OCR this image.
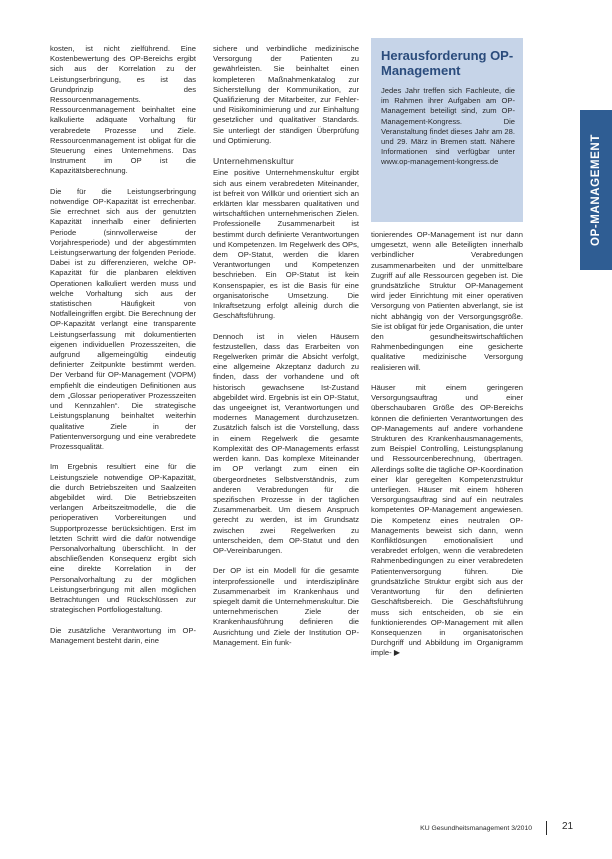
kosten, ist nicht zielführend. Eine Kostenbewertung des OP-Bereichs ergibt sich aus der Korrelation zu der Leistungserbringung, es ist das Grundprinzip des Ressourcenmanagements. Ressourcenmanagement beinhaltet eine kalkulierte adäquate Vorhaltung für verabredete Prozesse und Ziele. Ressourcenmanagement ist obligat für die Steuerung eines Unternehmens. Das Instrument im OP ist die Kapazitätsberechnung.

Die für die Leistungserbringung notwendige OP-Kapazität ist errechenbar. Sie errechnet sich aus der genutzten Kapazität innerhalb einer definierten Periode (sinnvollerweise der Vorjahresperiode) und der abgestimmten Leistungserwartung der folgenden Periode. Dabei ist zu differenzieren, welche OP-Kapazität für die planbaren elektiven Operationen kalkuliert werden muss und welche Vorhaltung sich aus der statistischen Häufigkeit von Notfalleingriffen ergibt. Die Berechnung der OP-Kapazität verlangt eine transparente Leistungserfassung mit dokumentierten eigenen individuellen Prozesszeiten, die aufgrund allgemeingültig eindeutig definierter Zeitpunkte bestimmt werden. Der Verband für OP-Management (VOPM) empfiehlt die eindeutigen Definitionen aus dem „Glossar perioperativer Prozesszeiten und Kennzahlen“. Die strategische Leistungsplanung beinhaltet weiterhin qualitative Ziele in der Patientenversorgung und eine verabredete Prozessqualität.

Im Ergebnis resultiert eine für die Leistungsziele notwendige OP-Kapazität, die durch Betriebszeiten und Saalzeiten abgebildet wird. Die Betriebszeiten verlangen Arbeitszeitmodelle, die die perioperativen Vorbereitungen und Supportprozesse berücksichtigen. Erst im letzten Schritt wird die dafür notwendige Personalvorhaltung überschlicht. In der abschließenden Konsequenz ergibt sich eine direkte Korrelation in der Personalvorhaltung zu der möglichen Leistungserbringung mit allen möglichen Betrachtungen und Rückschlüssen zur strategischen Portfoliogestaltung.

Die zusätzliche Verantwortung im OP-Management besteht darin, eine

sichere und verbindliche medizinische Versorgung der Patienten zu gewährleisten. Sie beinhaltet einen kompleteren Maßnahmenkatalog zur Sicherstellung der Kommunikation, zur Qualifizierung der Mitarbeiter, zur Fehler- und Risikominimierung und zur Einhaltung gesetzlicher und qualitativer Standards. Sie unterliegt der ständigen Überprüfung und Optimierung.

Unternehmenskultur

Eine positive Unternehmenskultur ergibt sich aus einem verabredeten Miteinander, ist befreit von Willkür und orientiert sich an erklärten klar messbaren qualitativen und wirtschaftlichen unternehmerischen Zielen. Professionelle Zusammenarbeit ist bestimmt durch definierte Verantwortungen und Kompetenzen. Im Regelwerk des OPs, dem OP-Statut, werden die klaren Verantwortungen und Kompetenzen beschrieben. Ein OP-Statut ist kein Konsenspapier, es ist die Basis für eine organisatorische Umsetzung. Die Inkraftsetzung erfolgt alleinig durch die Geschäftsführung.

Dennoch ist in vielen Häusern festzustellen, dass das Erarbeiten von Regelwerken primär die Absicht verfolgt, eine allgemeine Akzeptanz dadurch zu finden, dass der vorhandene und oft historisch gewachsene Ist-Zustand abgebildet wird. Ergebnis ist ein OP-Statut, das ungeeignet ist, Verantwortungen und modernes Management durchzusetzen. Zusätzlich falsch ist die Vorstellung, dass in einem Regelwerk die gesamte Komplexität des OP-Managements erfasst werden kann. Das komplexe Miteinander im OP verlangt zum einen ein übergeordnetes Selbstverständnis, zum anderen Verabredungen für die spezifischen Prozesse in der täglichen Zusammenarbeit. Um diesem Anspruch gerecht zu werden, ist im Grundsatz zwischen zwei Regelwerken zu unterscheiden, dem OP-Statut und den OP-Vereinbarungen.

Der OP ist ein Modell für die gesamte interprofessionelle und interdisziplinäre Zusammenarbeit im Krankenhaus und spiegelt damit die Unternehmenskultur. Die unternehmerischen Ziele der Krankenhausführung definieren die Ausrichtung und Ziele der Institution OP-Management. Ein funk-

Herausforderung OP-Management

Jedes Jahr treffen sich Fachleute, die im Rahmen ihrer Aufgaben am OP-Management beteiligt sind, zum OP-Management-Kongress. Die Veranstaltung findet dieses Jahr am 28. und 29. März in Bremen statt. Nähere Informationen sind verfügbar unter www.op-management-kongress.de

tionierendes OP-Management ist nur dann umgesetzt, wenn alle Beteiligten innerhalb verbindlicher Verabredungen zusammenarbeiten und der unmittelbare Zugriff auf alle Ressourcen gegeben ist. Die grundsätzliche Struktur OP-Management wird jeder Einrichtung mit einer operativen Versorgung von Patienten abverlangt, sie ist nicht abhängig von der Versorgungsgröße. Sie ist obligat für jede Organisation, die unter den gesundheitswirtschaftlichen Rahmenbedingungen eine gesicherte qualitative medizinische Versorgung realisieren will.

Häuser mit einem geringeren Versorgungsauftrag und einer überschaubaren Größe des OP-Bereichs können die definierten Verantwortungen des OP-Managements auf andere vorhandene Strukturen des Krankenhausmanagements, zum Beispiel Controlling, Leistungsplanung und Ressourcenberechnung, übertragen. Allerdings sollte die tägliche OP-Koordination einer klar geregelten Kompetenzstruktur unterliegen. Häuser mit einem höheren Versorgungsauftrag sind auf ein neutrales kompetentes OP-Management angewiesen. Die Kompetenz eines neutralen OP-Managements beweist sich dann, wenn Konfliktlösungen emotionalisiert und verabredet erfolgen, wenn die verabredeten Rahmenbedingungen zu einer verabredeten Patientenversorgung führen. Die grundsätzliche Struktur ergibt sich aus der Verantwortung für den definierten Geschäftsbereich. Die Geschäftsführung muss sich entscheiden, ob sie ein funktionierendes OP-Management mit allen Konsequenzen in organisatorischen Durchgriff und Abbildung im Organigramm imple- ▶

OP-MANAGEMENT
KU Gesundheitsmanagement 3/2010	21
